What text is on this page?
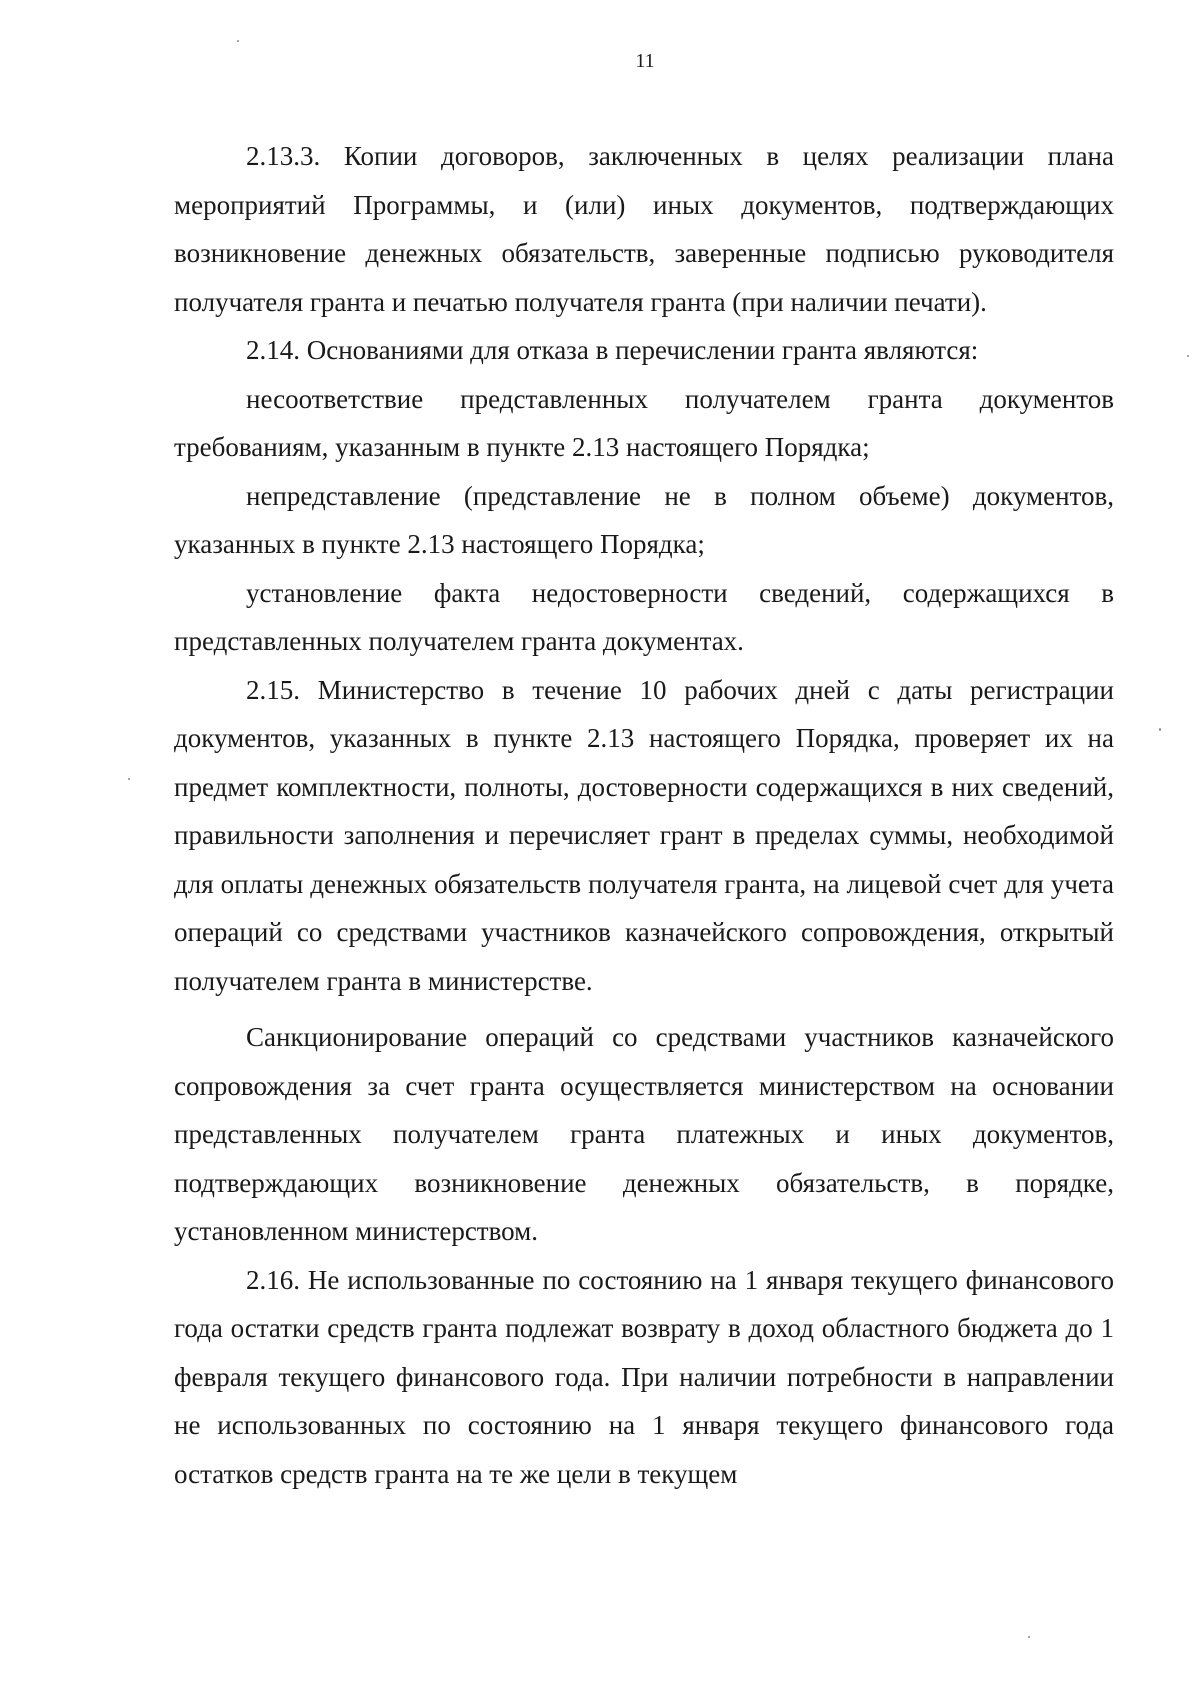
11

2.13.3. Копии договоров, заключенных в целях реализации плана мероприятий Программы, и (или) иных документов, подтверждающих возникновение денежных обязательств, заверенные подписью руководителя получателя гранта и печатью получателя гранта (при наличии печати).

2.14. Основаниями для отказа в перечислении гранта являются:

несоответствие представленных получателем гранта документов требованиям, указанным в пункте 2.13 настоящего Порядка;

непредставление (представление не в полном объеме) документов, указанных в пункте 2.13 настоящего Порядка;

установление факта недостоверности сведений, содержащихся в представленных получателем гранта документах.

2.15. Министерство в течение 10 рабочих дней с даты регистрации документов, указанных в пункте 2.13 настоящего Порядка, проверяет их на предмет комплектности, полноты, достоверности содержащихся в них сведений, правильности заполнения и перечисляет грант в пределах суммы, необходимой для оплаты денежных обязательств получателя гранта, на лицевой счет для учета операций со средствами участников казначейского сопровождения, открытый получателем гранта в министерстве.

Санкционирование операций со средствами участников казначейского сопровождения за счет гранта осуществляется министерством на основании представленных получателем гранта платежных и иных документов, подтверждающих возникновение денежных обязательств, в порядке, установленном министерством.

2.16. Не использованные по состоянию на 1 января текущего финансового года остатки средств гранта подлежат возврату в доход областного бюджета до 1 февраля текущего финансового года. При наличии потребности в направлении не использованных по состоянию на 1 января текущего финансового года остатков средств гранта на те же цели в текущем
